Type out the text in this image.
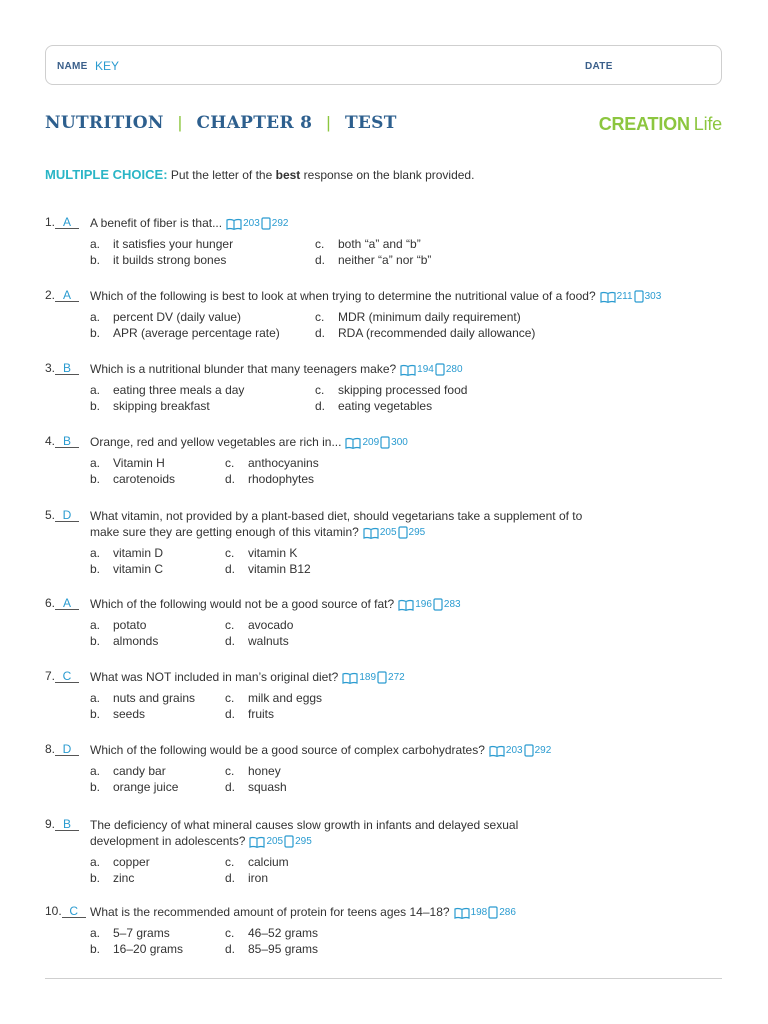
NAME KEY	DATE
NUTRITION | CHAPTER 8 | TEST	CREATION Life
MULTIPLE CHOICE: Put the letter of the best response on the blank provided.
1. A	A benefit of fiber is that... 203 292
a. it satisfies your hunger
b. it builds strong bones
c. both “a” and “b”
d. neither “a” nor “b”
2. A	Which of the following is best to look at when trying to determine the nutritional value of a food? 211 303
a. percent DV (daily value)
b. APR (average percentage rate)
c. MDR (minimum daily requirement)
d. RDA (recommended daily allowance)
3. B	Which is a nutritional blunder that many teenagers make? 194 280
a. eating three meals a day
b. skipping breakfast
c. skipping processed food
d. eating vegetables
4. B	Orange, red and yellow vegetables are rich in... 209 300
a. Vitamin H
b. carotenoids
c. anthocyanins
d. rhodophytes
5. D	What vitamin, not provided by a plant-based diet, should vegetarians take a supplement of to
make sure they are getting enough of this vitamin? 205 295
a. vitamin D
b. vitamin C
c. vitamin K
d. vitamin B12
6. A	Which of the following would not be a good source of fat? 196 283
a. potato
b. almonds
c. avocado
d. walnuts
7. C	What was NOT included in man’s original diet? 189 272
a. nuts and grains
b. seeds
c. milk and eggs
d. fruits
8. D	Which of the following would be a good source of complex carbohydrates? 203 292
a. candy bar
b. orange juice
c. honey
d. squash
9. B	The deficiency of what mineral causes slow growth in infants and delayed sexual
development in adolescents? 205 295
a. copper
b. zinc
c. calcium
d. iron
10. C What is the recommended amount of protein for teens ages 14–18? 198 286
a. 5–7 grams
b. 16–20 grams
c. 46–52 grams
d. 85–95 grams
